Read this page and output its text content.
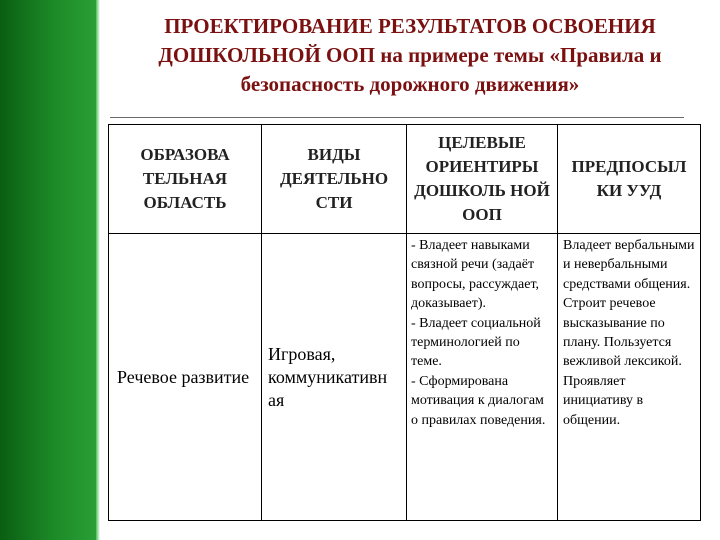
ПРОЕКТИРОВАНИЕ РЕЗУЛЬТАТОВ ОСВОЕНИЯ ДОШКОЛЬНОЙ ООП на примере темы «Правила и безопасность дорожного движения»
ОБРАЗОВА ТЕЛЬНАЯ ОБЛАСТЬ	ВИДЫ ДЕЯТЕЛЬНО СТИ	ЦЕЛЕВЫЕ ОРИЕНТИРЫ ДОШКОЛЬ НОЙ ООП	ПРЕДПОСЫЛ КИ УУД
Речевое развитие	Игровая, коммуникативн ая	- Владеет навыками связной речи (задаёт вопросы, рассуждает, доказывает).

- Владеет социальной терминологией по теме.

- Сформирована мотивация к диалогам о правилах поведения.	Владеет вербальными и невербальными средствами общения. Строит речевое высказывание по плану. Пользуется вежливой лексикой. Проявляет инициативу в общении.
